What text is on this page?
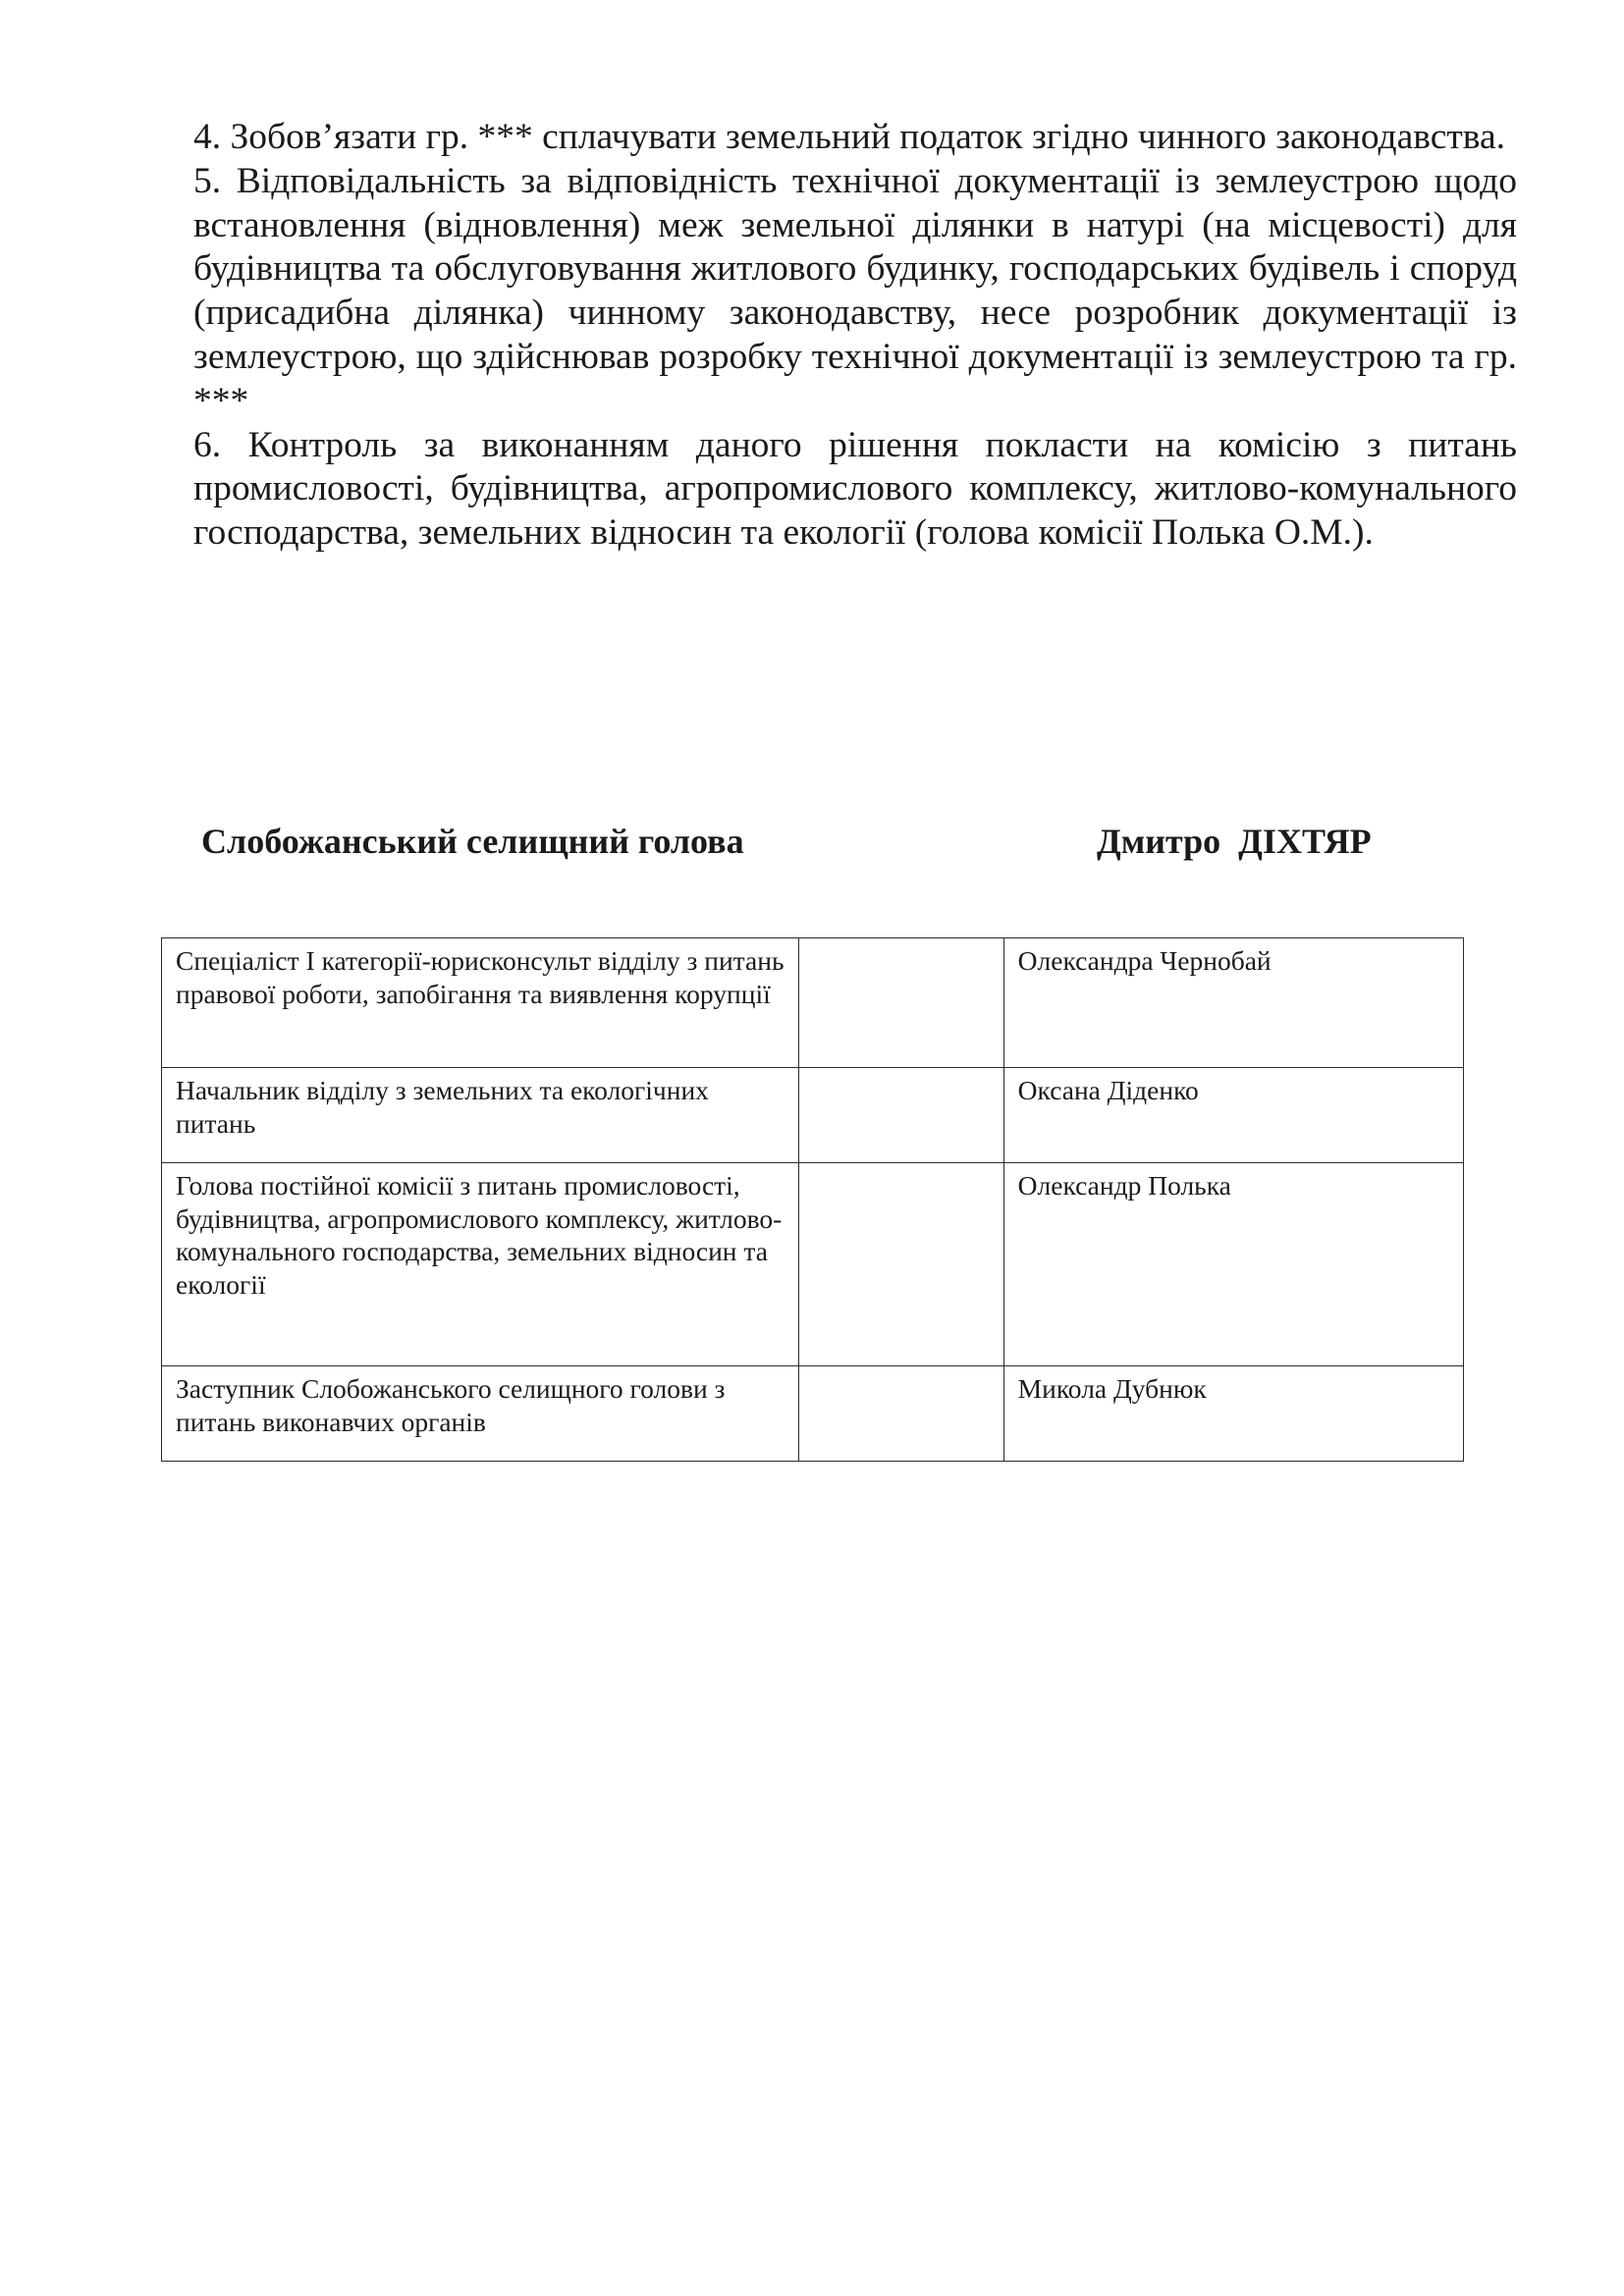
4. Зобов’язати гр. *** сплачувати земельний податок згідно чинного законодавства.

5. Відповідальність за відповідність технічної документації із землеустрою щодо встановлення (відновлення) меж земельної ділянки в натурі (на місцевості) для будівництва та обслуговування житлового будинку, господарських будівель і споруд (присадибна ділянка) чинному законодавству, несе розробник документації із землеустрою, що здійснював розробку технічної документації із землеустрою та гр. ***

6. Контроль за виконанням даного рішення покласти на комісію з питань промисловості, будівництва, агропромислового комплексу, житлово-комунального господарства, земельних відносин та екології (голова комісії Полька О.М.).

Слобожанський селищний голова	Дмитро  ДІХТЯР
Спеціаліст І категорії-юрисконсульт відділу з питань правової роботи, запобігання та виявлення корупції		Олександра Чернобай
Начальник відділу з земельних та екологічних питань		Оксана Діденко
Голова постійної комісії з питань промисловості, будівництва, агропромислового комплексу, житлово-комунального господарства, земельних відносин та екології		Олександр Полька
Заступник Слобожанського селищного голови з питань виконавчих органів		Микола Дубнюк
